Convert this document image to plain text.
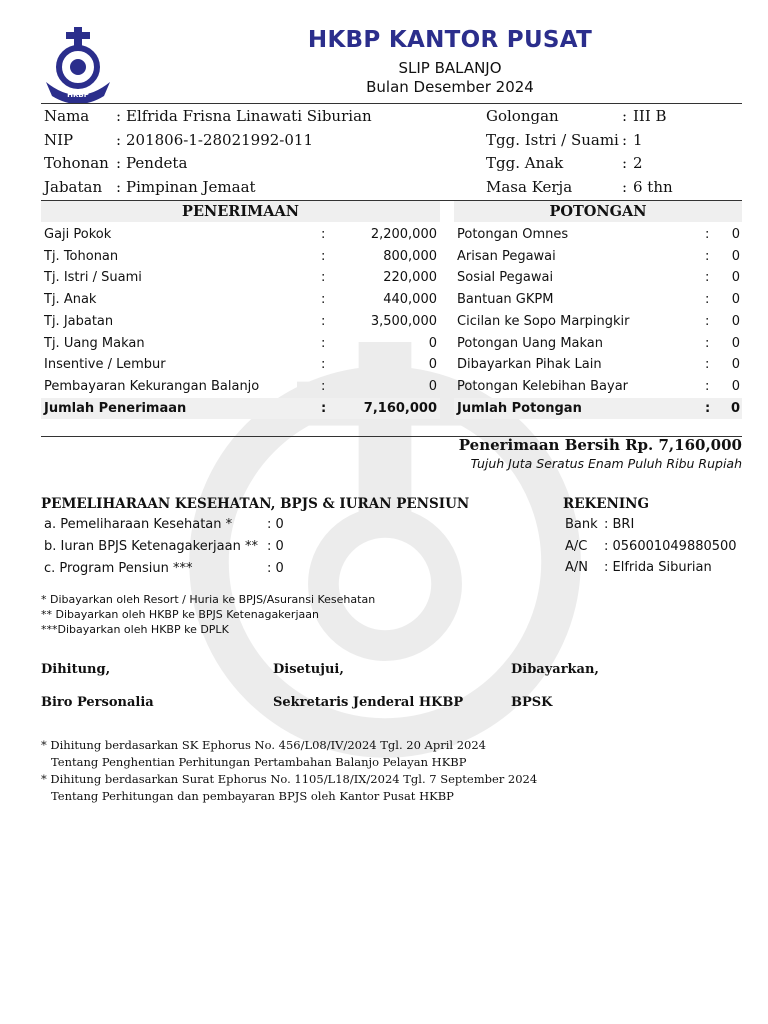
HKBP
HKBP KANTOR PUSAT
SLIP BALANJO
Bulan Desember 2024
Nama : Elfrida Frisna Linawati Siburian
NIP	: 201806-1-28021992-011
Tohonan : Pendeta
Jabatan : Pimpinan Jemaat
Golongan	: III B
Tgg. Istri / Suami : 1
Tgg. Anak	: 2
Masa Kerja	: 6 thn
PENERIMAAN	POTONGAN
Gaji Pokok	:	2,200,000
Tj. Tohonan	:	800,000
Tj. Istri / Suami	:	220,000
Tj. Anak	:	440,000
Tj. Jabatan	:	3,500,000
Tj. Uang Makan	:	0
Insentive / Lembur	:	0
Pembayaran Kekurangan Balanjo	:	0
Jumlah Penerimaan	:	7,160,000
Potongan Omnes	: 0
Arisan Pegawai	: 0
Sosial Pegawai	: 0
Bantuan GKPM	: 0
Cicilan ke Sopo Marpingkir	: 0
Potongan Uang Makan	: 0
Dibayarkan Pihak Lain	: 0
Potongan Kelebihan Bayar	: 0
Jumlah Potongan	: 0
Penerimaan Bersih Rp. 7,160,000
Tujuh Juta Seratus Enam Puluh Ribu Rupiah
PEMELIHARAAN KESEHATAN, BPJS & IURAN PENSIUN
a. Pemeliharaan Kesehatan *	: 0
b. Iuran BPJS Ketenagakerjaan ** : 0
c. Program Pensiun ***	: 0
REKENING
Bank : BRI
A/C : 056001049880500
A/N : Elfrida Siburian
* Dibayarkan oleh Resort / Huria ke BPJS/Asuransi Kesehatan
** Dibayarkan oleh HKBP ke BPJS Ketenagakerjaan
***Dibayarkan oleh HKBP ke DPLK
Dihitung,	Disetujui,	Dibayarkan,
Biro Personalia	Sekretaris Jenderal HKBP	BPSK
* Dihitung berdasarkan SK Ephorus No. 456/L08/IV/2024 Tgl. 20 April 2024
Tentang Penghentian Perhitungan Pertambahan Balanjo Pelayan HKBP
* Dihitung berdasarkan Surat Ephorus No. 1105/L18/IX/2024 Tgl. 7 September 2024
Tentang Perhitungan dan pembayaran BPJS oleh Kantor Pusat HKBP
